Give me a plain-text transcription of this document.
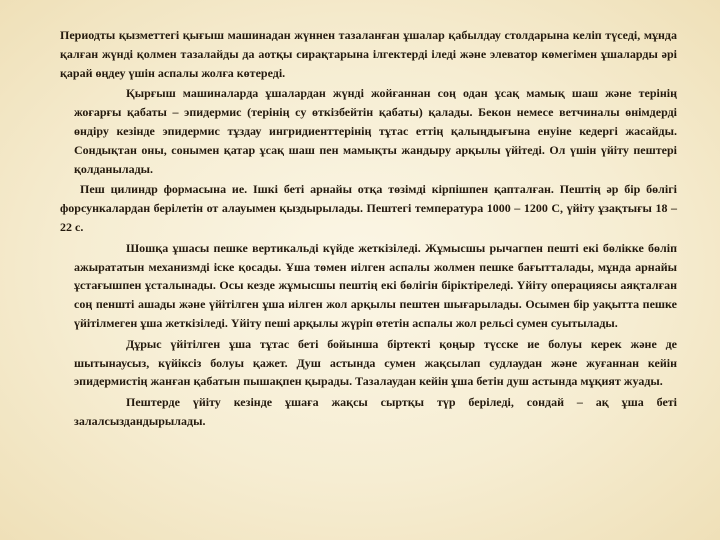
Периодты қызметтегі қығыш машинадан жүннен тазаланған ұшалар қабылдау столдарына келіп түседі, мұнда қалған жүнді қолмен тазалайды да аотқы сирақтарына ілгектерді іледі және элеватор көмегімен ұшаларды әрі қарай өңдеу үшін аспалы жолға көтереді.

Қырғыш машиналарда ұшалардан жүнді жойғаннан соң одан ұсақ мамық шаш және терінің жоғарғы қабаты – эпидермис (терінің су өткізбейтін қабаты) қалады. Бекон немесе ветчиналы өнімдерді өндіру кезінде эпидермис тұздау ингридиенттерінің тұтас еттің қалыңдығына енуіне кедергі жасайды. Сондықтан оны, сонымен қатар ұсақ шаш пен мамықты жандыру арқылы үйітеді. Ол үшін үйіту пештері қолданылады.

Пеш цилиндр формасына ие. Ішкі беті арнайы отқа төзімді кірпішпен қапталған. Пештің әр бір бөлігі форсункалардан берілетін от алауымен қыздырылады. Пештегі температура 1000 – 1200 С, үйіту ұзақтығы 18 – 22 с.

Шошқа ұшасы пешке вертикальді күйде жеткізіледі. Жұмысшы рычагпен пешті екі бөлікке бөліп ажырататын механизмді іске қосады. Ұша төмен иілген аспалы жолмен пешке бағытталады, мұнда арнайы ұстағышпен ұсталынады. Осы кезде жұмысшы пештің екі бөлігін біріктіреледі. Үйіту операциясы аяқталған соң пеншті ашады және үйітілген ұша иілген жол арқылы пештен шығарылады. Осымен бір уақытта пешке үйітілмеген ұша жеткізіледі. Үйіту пеші арқылы жүріп өтетін аспалы жол рельсі сумен суытылады.

Дұрыс үйітілген ұша тұтас беті бойынша біртекті қоңыр түсске ие болуы керек және де шытынаусыз, күйіксіз болуы қажет. Душ астында сумен жақсылап судлаудан және жуғаннан кейін эпидермистің жанған қабатын пышақпен қырады. Тазалаудан кейін ұша бетін душ астында мұқият жуады.

Пештерде үйіту кезінде ұшаға жақсы сыртқы түр беріледі, сондай – ақ ұша беті залалсыздандырылады.
